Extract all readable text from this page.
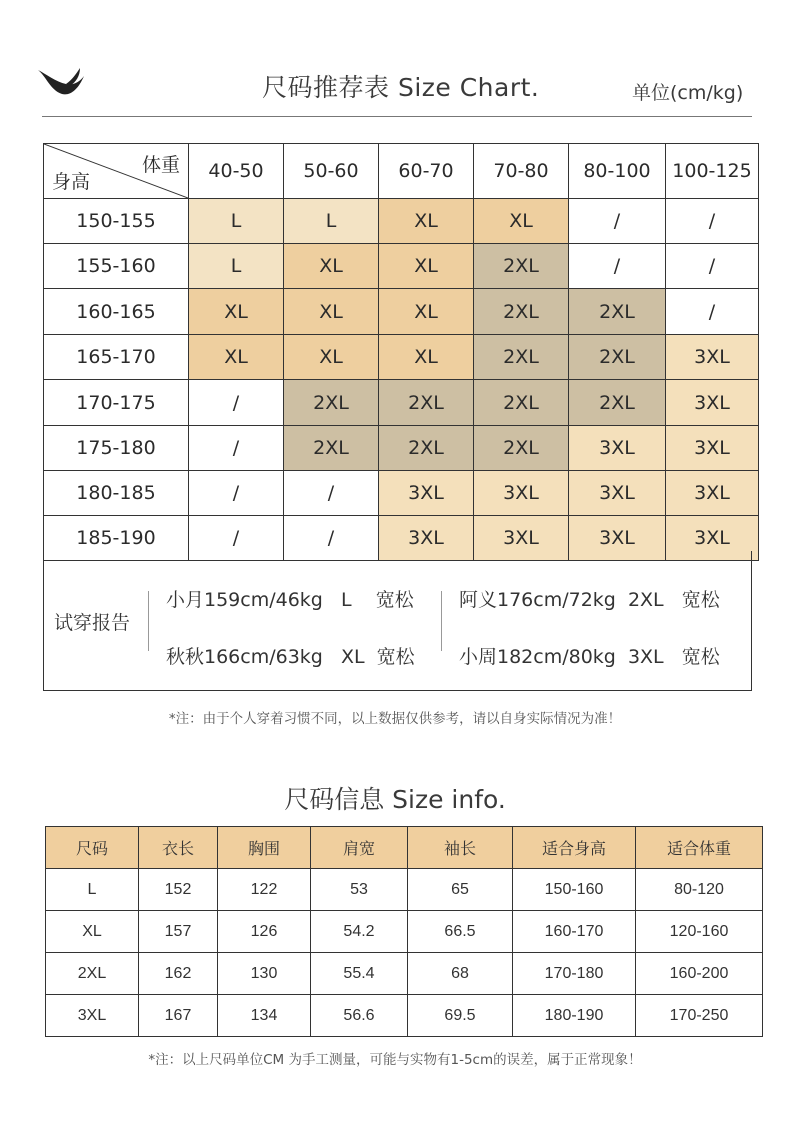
尺码推荐表 Size Chart.	单位(cm/kg)
体重
身高	40-50	50-60	60-70	70-80	80-100	100-125
150-155	L	L	XL	XL	/	/
155-160	L	XL	XL	2XL	/	/
160-165	XL	XL	XL	2XL	2XL	/
165-170	XL	XL	XL	2XL	2XL	3XL
170-175	/	2XL	2XL	2XL	2XL	3XL
175-180	/	2XL	2XL	2XL	3XL	3XL
180-185	/	/	3XL	3XL	3XL	3XL
185-190	/	/	3XL	3XL	3XL	3XL
试穿报告
小月159cm/46kg   L    宽松 阿义176cm/72kg  2XL   宽松
秋秋166cm/63kg   XL  宽松 小周182cm/80kg  3XL   宽松
*注：由于个人穿着习惯不同，以上数据仅供参考，请以自身实际情况为准！
尺码信息 Size info.
尺码	衣长	胸围	肩宽	袖长	适合身高	适合体重
L	152	122	53	65	150-160	80-120
XL	157	126	54.2	66.5	160-170	120-160
2XL	162	130	55.4	68	170-180	160-200
3XL	167	134	56.6	69.5	180-190	170-250
*注：以上尺码单位CM 为手工测量，可能与实物有1-5cm的误差，属于正常现象！
